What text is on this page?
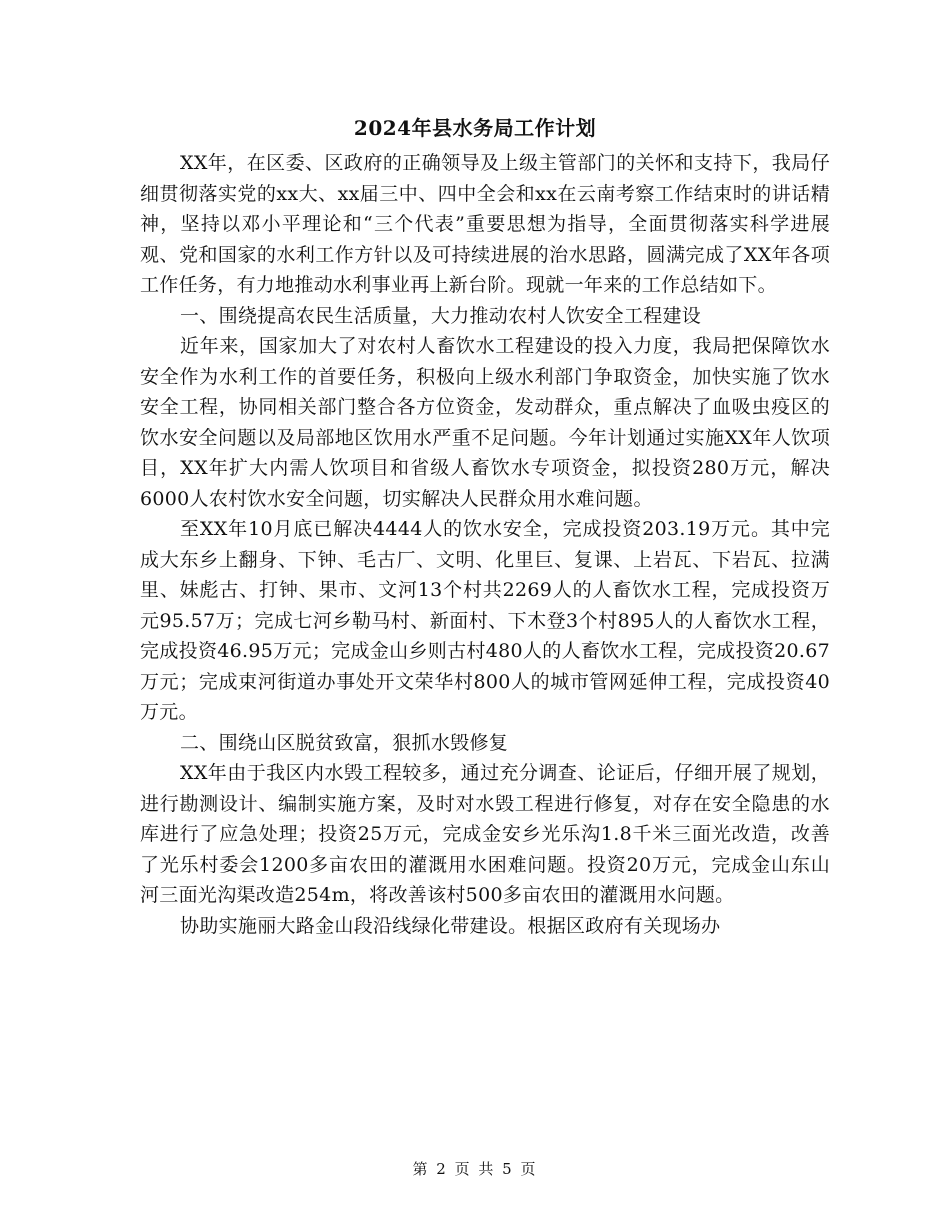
2024年县水务局工作计划

XX年，在区委、区政府的正确领导及上级主管部门的关怀和支持下，我局仔细贯彻落实党的xx大、xx届三中、四中全会和xx在云南考察工作结束时的讲话精神，坚持以邓小平理论和“三个代表”重要思想为指导，全面贯彻落实科学进展观、党和国家的水利工作方针以及可持续进展的治水思路，圆满完成了XX年各项工作任务，有力地推动水利事业再上新台阶。现就一年来的工作总结如下。

一、围绕提高农民生活质量，大力推动农村人饮安全工程建设

近年来，国家加大了对农村人畜饮水工程建设的投入力度，我局把保障饮水安全作为水利工作的首要任务，积极向上级水利部门争取资金，加快实施了饮水安全工程，协同相关部门整合各方位资金，发动群众，重点解决了血吸虫疫区的饮水安全问题以及局部地区饮用水严重不足问题。今年计划通过实施XX年人饮项目，XX年扩大内需人饮项目和省级人畜饮水专项资金，拟投资280万元，解决6000人农村饮水安全问题，切实解决人民群众用水难问题。

至XX年10月底已解决4444人的饮水安全，完成投资203.19万元。其中完成大东乡上翻身、下钟、毛古厂、文明、化里巨、复课、上岩瓦、下岩瓦、拉满里、妹彪古、打钟、果市、文河13个村共2269人的人畜饮水工程，完成投资万元95.57万；完成七河乡勒马村、新面村、下木登3个村895人的人畜饮水工程，完成投资46.95万元；完成金山乡则古村480人的人畜饮水工程，完成投资20.67万元；完成束河街道办事处开文荣华村800人的城市管网延伸工程，完成投资40万元。

二、围绕山区脱贫致富，狠抓水毁修复

XX年由于我区内水毁工程较多，通过充分调查、论证后，仔细开展了规划，进行勘测设计、编制实施方案，及时对水毁工程进行修复，对存在安全隐患的水库进行了应急处理；投资25万元，完成金安乡光乐沟1.8千米三面光改造，改善了光乐村委会1200多亩农田的灌溉用水困难问题。投资20万元，完成金山东山河三面光沟渠改造254m，将改善该村500多亩农田的灌溉用水问题。

协助实施丽大路金山段沿线绿化带建设。根据区政府有关现场办

第 2 页 共 5 页
